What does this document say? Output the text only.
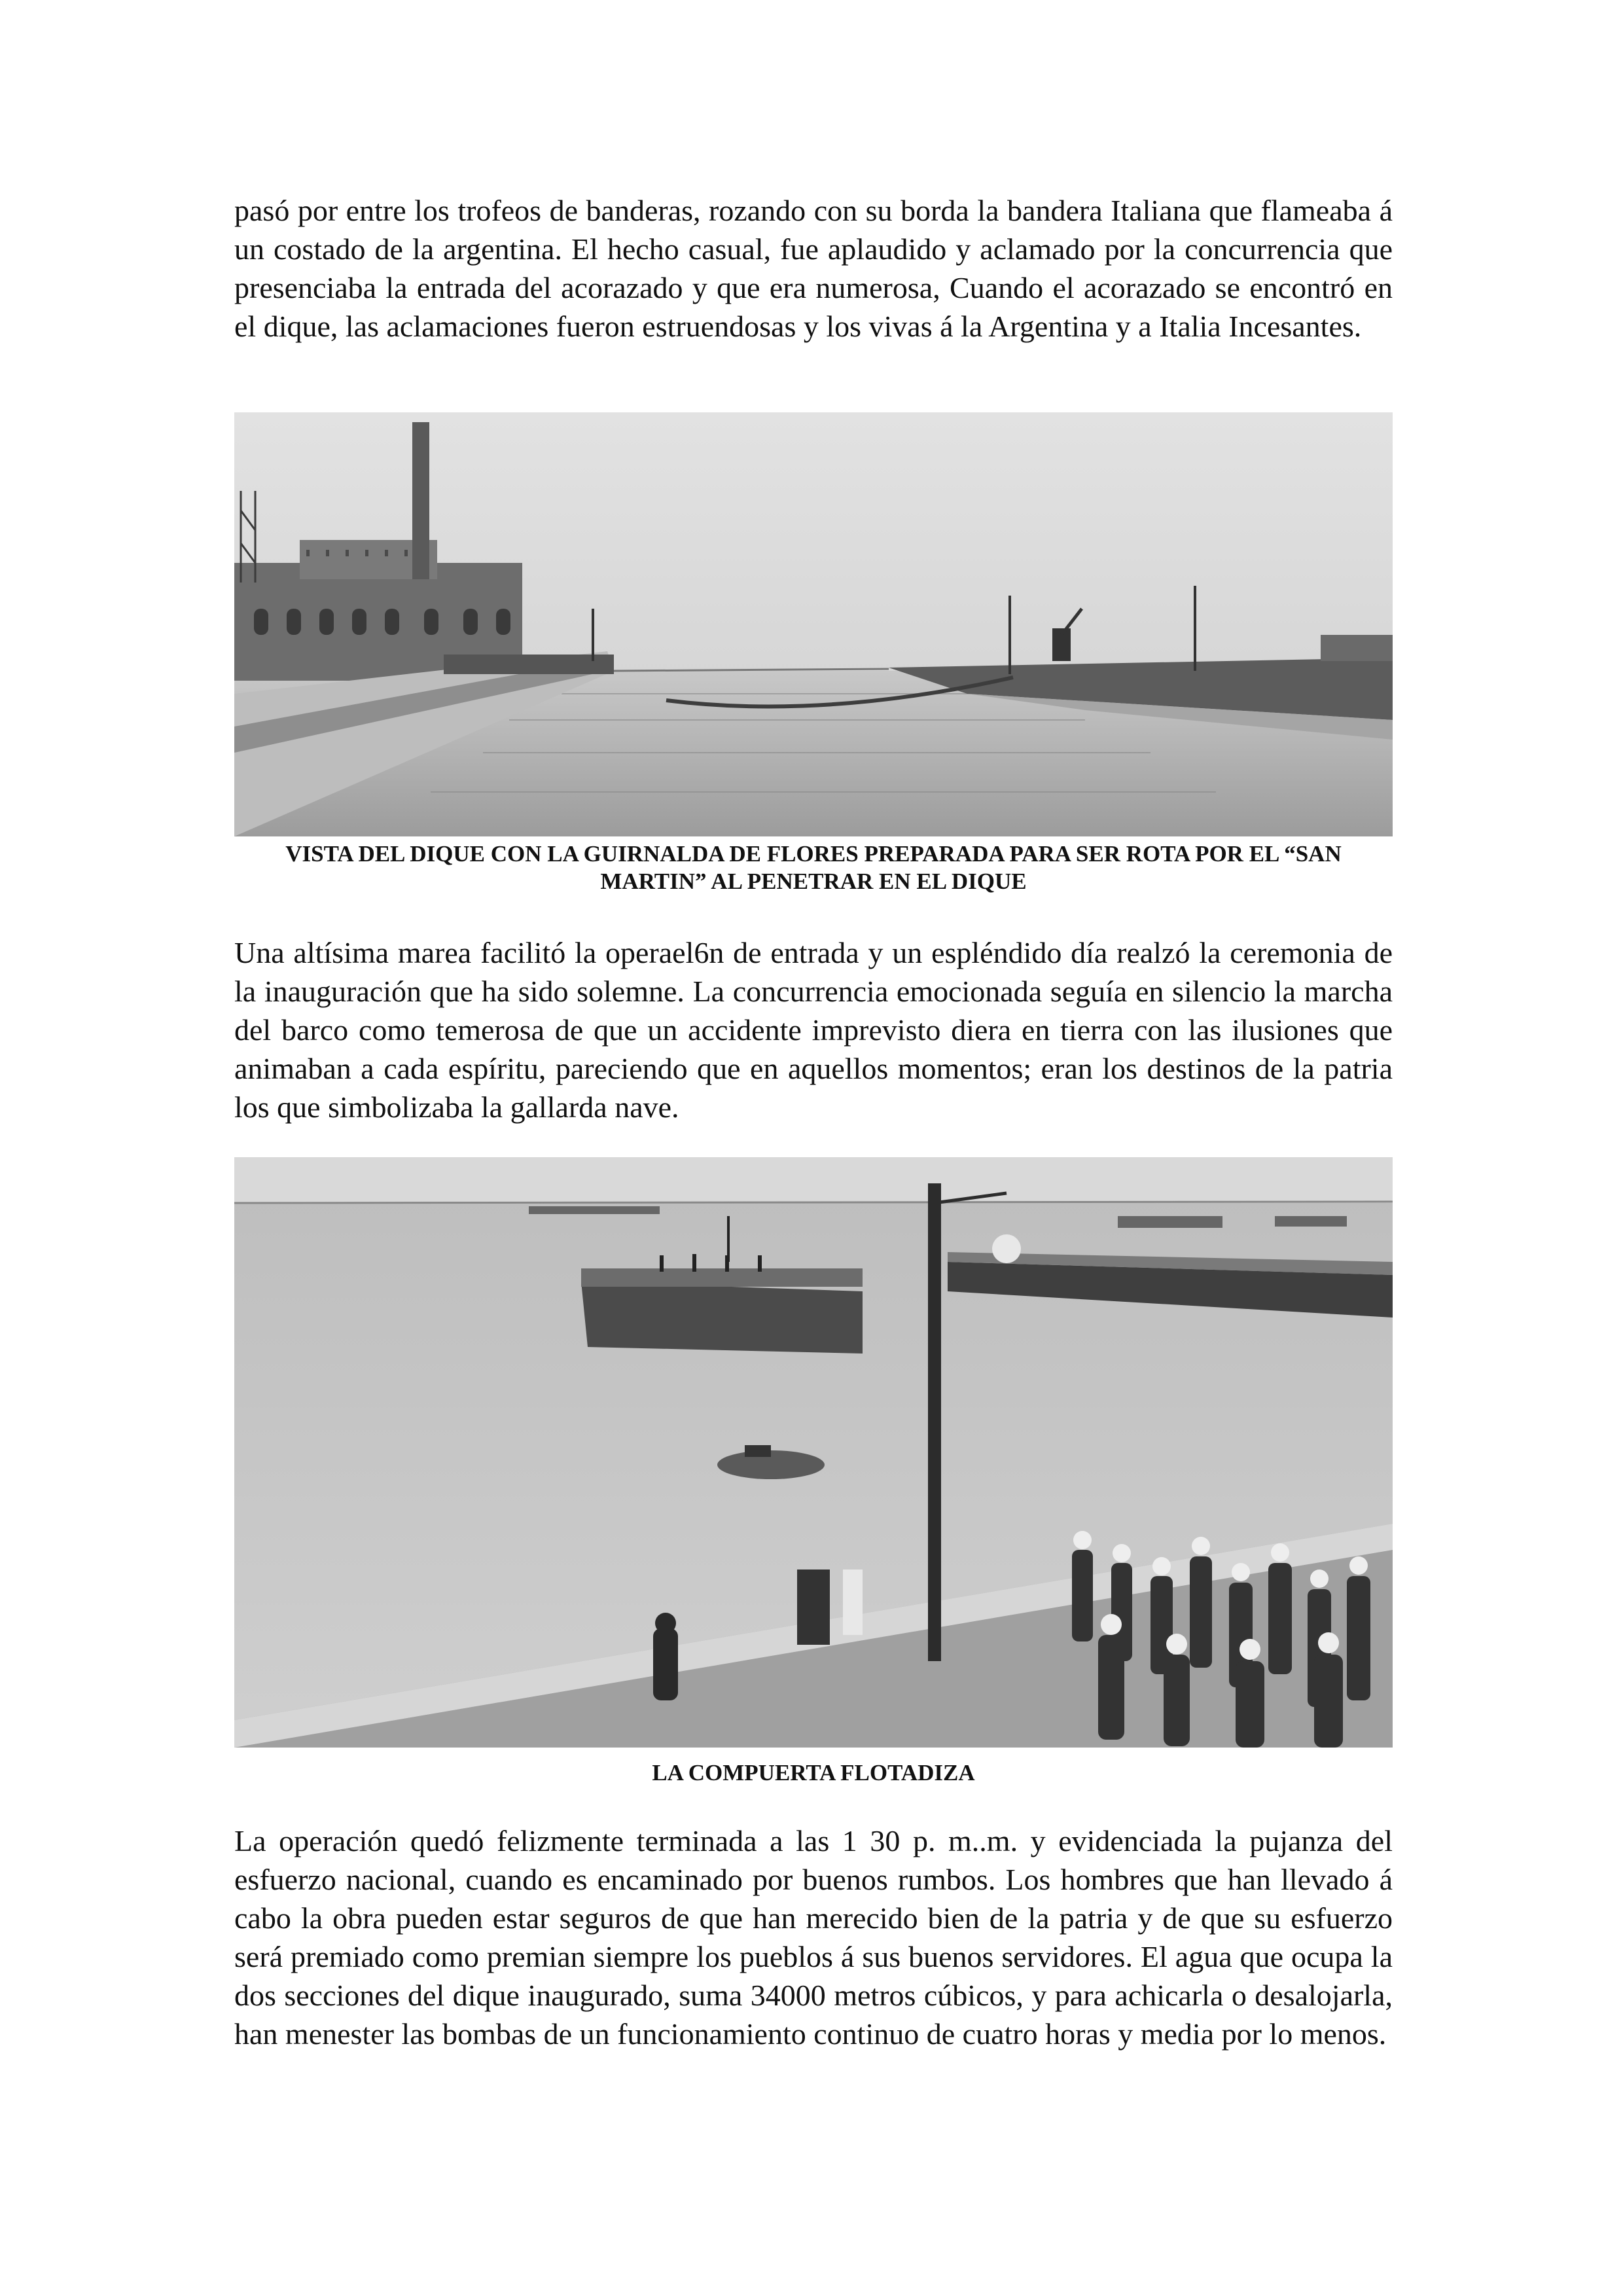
pasó por entre los trofeos de banderas, rozando con su borda la bandera Italiana que flameaba á un costado de la argentina. El hecho casual, fue aplaudido y aclamado por la concurrencia que presenciaba la entrada del acorazado y que era numerosa, Cuando el acorazado se encontró en el dique, las aclamaciones fueron estruendosas y los vivas á la Argentina y a Italia Incesantes.

VISTA DEL DIQUE CON LA GUIRNALDA DE FLORES PREPARADA PARA SER ROTA POR EL “SAN MARTIN” AL PENETRAR EN EL DIQUE

Una altísima marea facilitó la operael6n de entrada y un espléndido día realzó la ceremonia de la inauguración que ha sido solemne. La concurrencia emocionada seguía en silencio la marcha del barco como temerosa de que un accidente imprevisto diera en tierra con las ilusiones que animaban a cada espíritu, pareciendo que en aquellos momentos; eran los destinos de la patria los que simbolizaba la gallarda nave.

LA COMPUERTA FLOTADIZA

La operación quedó felizmente terminada a las 1 30 p. m..m. y evidenciada la pujanza del esfuerzo nacional, cuando es encaminado por buenos rumbos. Los hombres que han llevado á cabo la obra pueden estar seguros de que han merecido bien de la patria y de que su esfuerzo será premiado como premian siempre los pueblos á sus buenos servidores. El agua que ocupa la dos secciones del dique inaugurado, suma 34000 metros cúbicos, y para achicarla o desalojarla, han menester las bombas de un funcionamiento continuo de cuatro horas y media por lo menos.
